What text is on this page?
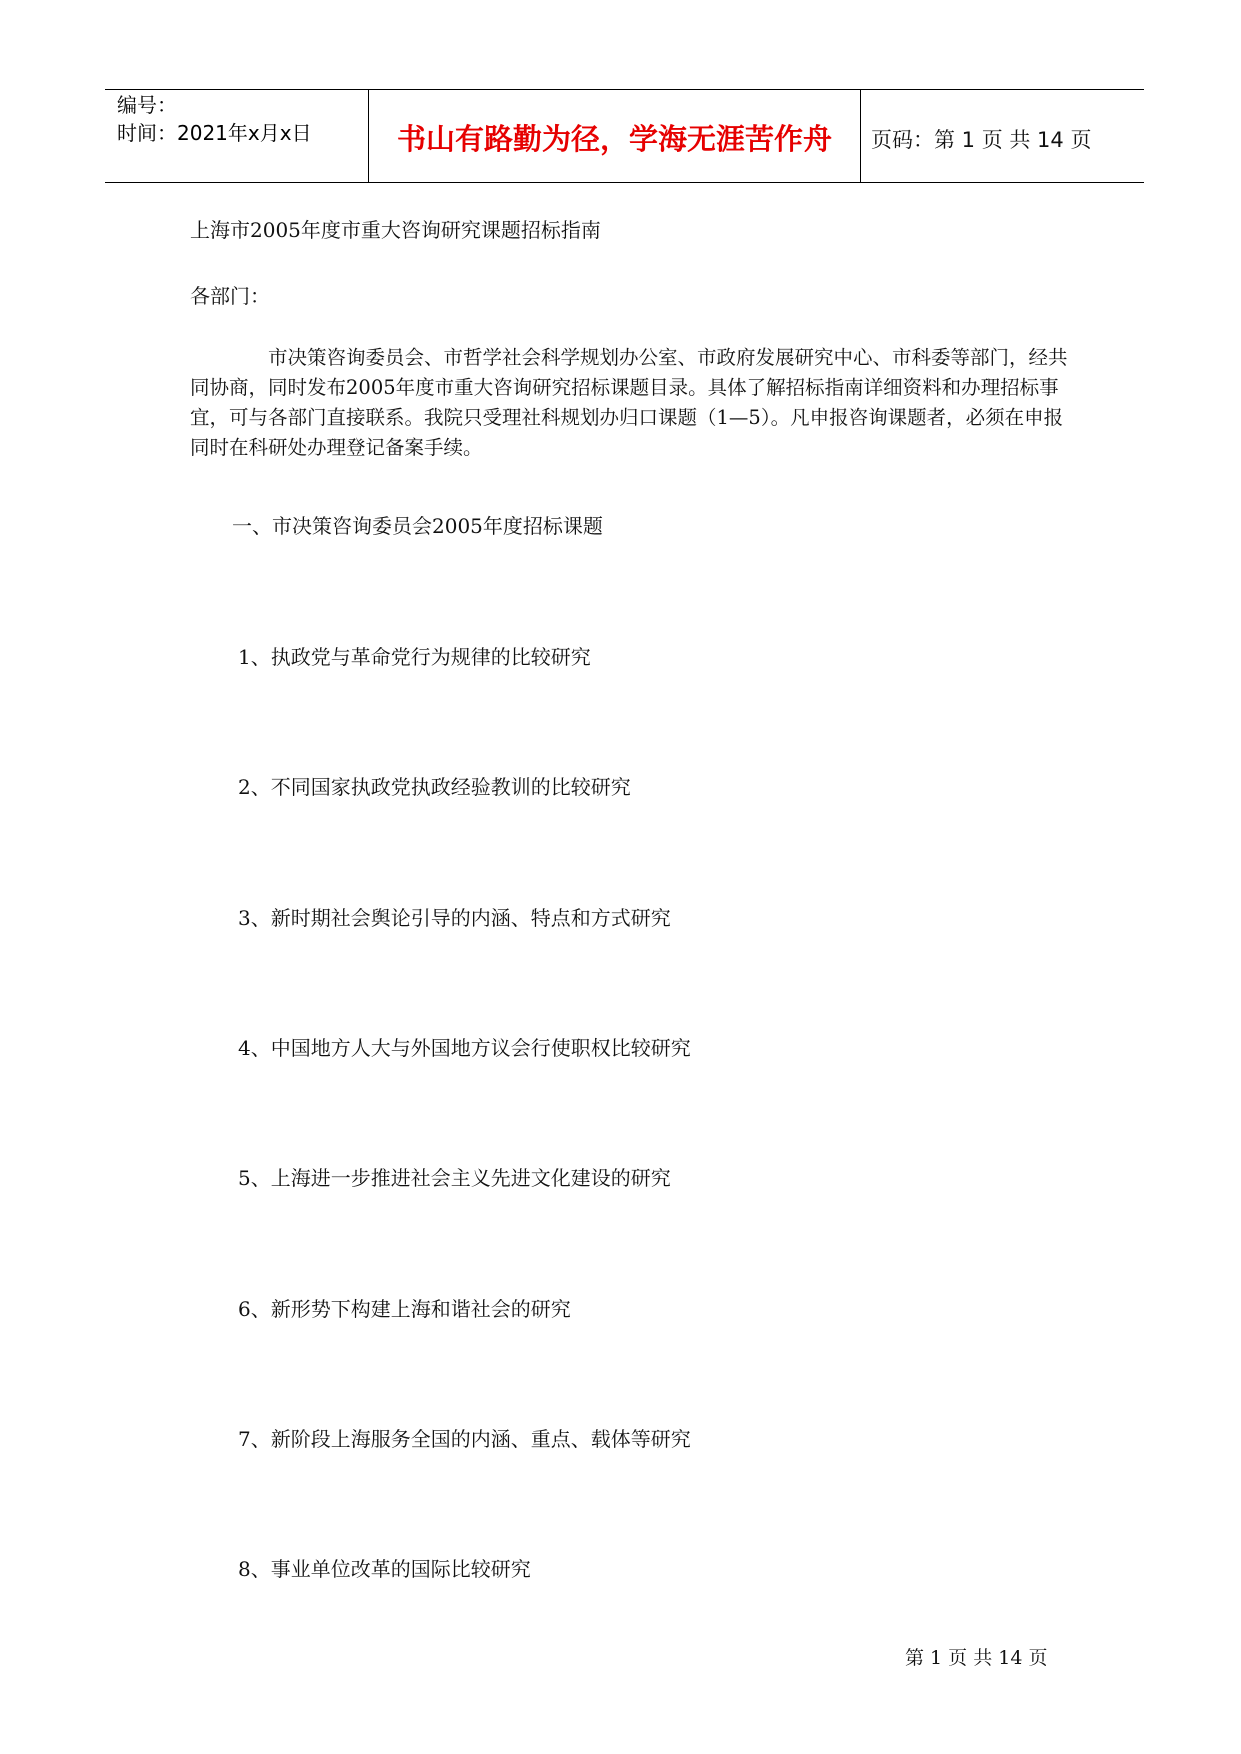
编号：
时间：2021年x月x日	书山有路勤为径，学海无涯苦作舟	页码：第 1 页 共 14 页
上海市2005年度市重大咨询研究课题招标指南
各部门：
市决策咨询委员会、市哲学社会科学规划办公室、市政府发展研究中心、市科委等部门，经共同协商，同时发布2005年度市重大咨询研究招标课题目录。具体了解招标指南详细资料和办理招标事宜，可与各部门直接联系。我院只受理社科规划办归口课题（1—5）。凡申报咨询课题者，必须在申报同时在科研处办理登记备案手续。
一、市决策咨询委员会2005年度招标课题
1、执政党与革命党行为规律的比较研究
2、不同国家执政党执政经验教训的比较研究
3、新时期社会舆论引导的内涵、特点和方式研究
4、中国地方人大与外国地方议会行使职权比较研究
5、上海进一步推进社会主义先进文化建设的研究
6、新形势下构建上海和谐社会的研究
7、新阶段上海服务全国的内涵、重点、载体等研究
8、事业单位改革的国际比较研究
第 1 页 共 14 页
